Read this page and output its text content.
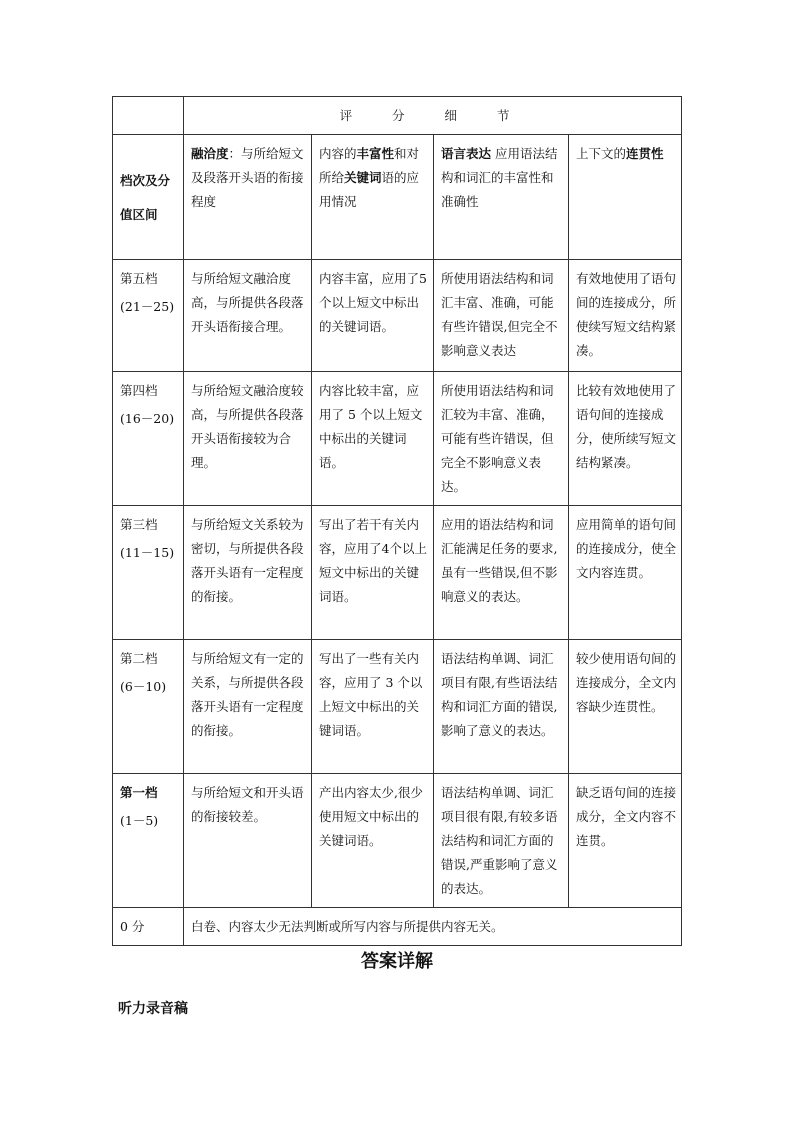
	评 分 细 节			
档次及分值区间	融洽度：与所给短文及段落开头语的衔接程度	内容的丰富性和对所给关键词语的应用情况	语言表达 应用语法结构和词汇的丰富性和准确性	上下文的连贯性

第五档
(21－25)	与所给短文融洽度高，与所提供各段落开头语衔接合理。	内容丰富，应用了5个以上短文中标出的关键词语。	所使用语法结构和词汇丰富、准确，可能有些许错误,但完全不影响意义表达	有效地使用了语句间的连接成分，所使续写短文结构紧凑。

第四档
(16－20)	与所给短文融洽度较高，与所提供各段落开头语衔接较为合理。	内容比较丰富，应用了 5 个以上短文中标出的关键词语。	所使用语法结构和词汇较为丰富、准确，可能有些许错误，但完全不影响意义表达。	比较有效地使用了语句间的连接成分，使所续写短文结构紧凑。

第三档
(11－15)	与所给短文关系较为密切，与所提供各段落开头语有一定程度的衔接。	写出了若干有关内容，应用了4个以上短文中标出的关键词语。	应用的语法结构和词汇能满足任务的要求,虽有一些错误,但不影响意义的表达。	应用简单的语句间的连接成分，使全文内容连贯。

第二档
(6－10)	与所给短文有一定的关系，与所提供各段落开头语有一定程度的衔接。	写出了一些有关内容，应用了 3 个以上短文中标出的关键词语。	语法结构单调、词汇项目有限,有些语法结构和词汇方面的错误,影响了意义的表达。	较少使用语句间的连接成分，全文内容缺少连贯性。

第一档
(1－5)	与所给短文和开头语的衔接较差。	产出内容太少,很少使用短文中标出的关键词语。	语法结构单调、词汇项目很有限,有较多语法结构和词汇方面的错误,严重影响了意义的表达。	缺乏语句间的连接成分，全文内容不连贯。
0 分	白卷、内容太少无法判断或所写内容与所提供内容无关。			
答案详解
听力录音稿
